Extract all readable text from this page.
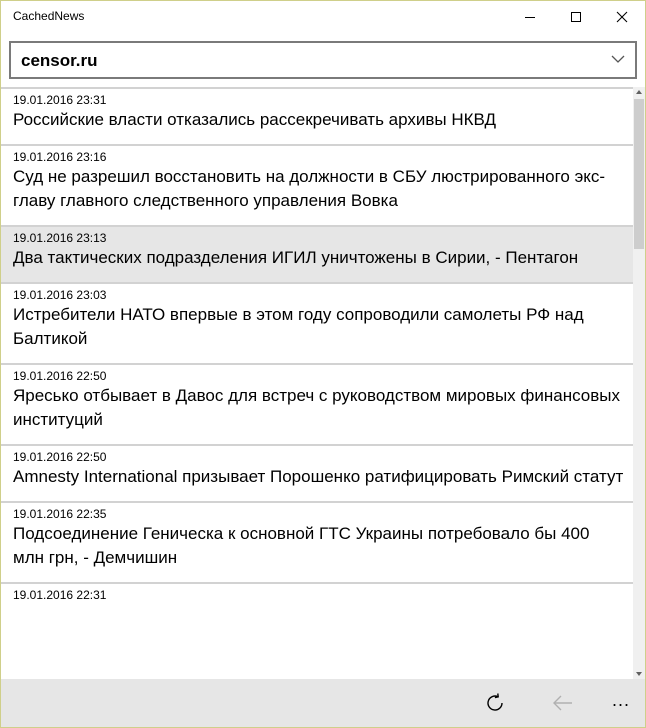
CachedNews
censor.ru
19.01.2016 23:31
Российские власти отказались рассекречивать архивы НКВД
19.01.2016 23:16
Суд не разрешил восстановить на должности в СБУ люстрированного экс-главу главного следственного управления Вовка
19.01.2016 23:13
Два тактических подразделения ИГИЛ уничтожены в Сирии, - Пентагон
19.01.2016 23:03
Истребители НАТО впервые в этом году сопроводили самолеты РФ над Балтикой
19.01.2016 22:50
Яресько отбывает в Давос для встреч с руководством мировых финансовых институций
19.01.2016 22:50
Amnesty International призывает Порошенко ратифицировать Римский статут
19.01.2016 22:35
Подсоединение Геническа к основной ГТС Украины потребовало бы 400 млн грн, - Демчишин
19.01.2016 22:31
...
